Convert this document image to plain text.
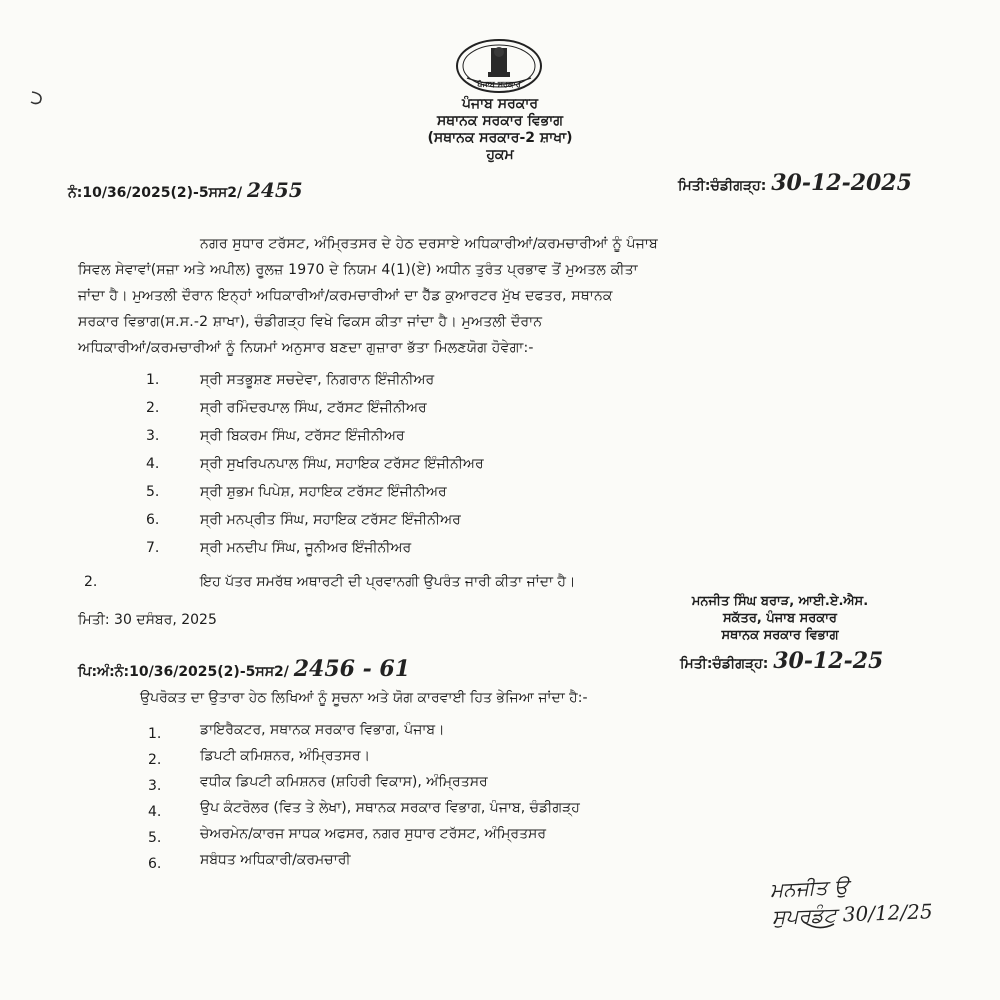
ਪੰਜਾਬ ਸਰਕਾਰ
ਪੰਜਾਬ ਸਰਕਾਰ
ਸਥਾਨਕ ਸਰਕਾਰ ਵਿਭਾਗ
(ਸਥਾਨਕ ਸਰਕਾਰ-2 ਸ਼ਾਖਾ)
ਹੁਕਮ
ਨੰ:10/36/2025(2)-5ਸਸ2/ 2455	ਮਿਤੀ:ਚੰਡੀਗੜ੍ਹ: 30-12-2025
ਨਗਰ ਸੁਧਾਰ ਟਰੱਸਟ, ਅੰਮ੍ਰਿਤਸਰ ਦੇ ਹੇਠ ਦਰਸਾਏ ਅਧਿਕਾਰੀਆਂ/ਕਰਮਚਾਰੀਆਂ ਨੂੰ ਪੰਜਾਬ
ਸਿਵਲ ਸੇਵਾਵਾਂ(ਸਜ਼ਾ ਅਤੇ ਅਪੀਲ) ਰੂਲਜ਼ 1970 ਦੇ ਨਿਯਮ 4(1)(ਏ) ਅਧੀਨ ਤੁਰੰਤ ਪ੍ਰਭਾਵ ਤੋਂ ਮੁਅਤਲ ਕੀਤਾ
ਜਾਂਦਾ ਹੈ। ਮੁਅਤਲੀ ਦੌਰਾਨ ਇਨ੍ਹਾਂ ਅਧਿਕਾਰੀਆਂ/ਕਰਮਚਾਰੀਆਂ ਦਾ ਹੈੱਡ ਕੁਆਰਟਰ ਮੁੱਖ ਦਫਤਰ, ਸਥਾਨਕ
ਸਰਕਾਰ ਵਿਭਾਗ(ਸ.ਸ.-2 ਸ਼ਾਖਾ), ਚੰਡੀਗੜ੍ਹ ਵਿਖੇ ਫਿਕਸ ਕੀਤਾ ਜਾਂਦਾ ਹੈ। ਮੁਅਤਲੀ ਦੌਰਾਨ
ਅਧਿਕਾਰੀਆਂ/ਕਰਮਚਾਰੀਆਂ ਨੂੰ ਨਿਯਮਾਂ ਅਨੁਸਾਰ ਬਣਦਾ ਗੁਜ਼ਾਰਾ ਭੱਤਾ ਮਿਲਣਯੋਗ ਹੋਵੇਗਾ:-
1.	ਸ੍ਰੀ ਸਤਭੂਸ਼ਣ ਸਚਦੇਵਾ, ਨਿਗਰਾਨ ਇੰਜੀਨੀਅਰ
2.	ਸ੍ਰੀ ਰਮਿੰਦਰਪਾਲ ਸਿੰਘ, ਟਰੱਸਟ ਇੰਜੀਨੀਅਰ
3.	ਸ੍ਰੀ ਬਿਕਰਮ ਸਿੰਘ, ਟਰੱਸਟ ਇੰਜੀਨੀਅਰ
4.	ਸ੍ਰੀ ਸੁਖਰਿਪਨਪਾਲ ਸਿੰਘ, ਸਹਾਇਕ ਟਰੱਸਟ ਇੰਜੀਨੀਅਰ
5.	ਸ੍ਰੀ ਸ਼ੁਭਮ ਪਿਪੇਸ਼, ਸਹਾਇਕ ਟਰੱਸਟ ਇੰਜੀਨੀਅਰ
6.	ਸ੍ਰੀ ਮਨਪ੍ਰੀਤ ਸਿੰਘ, ਸਹਾਇਕ ਟਰੱਸਟ ਇੰਜੀਨੀਅਰ
7.	ਸ੍ਰੀ ਮਨਦੀਪ ਸਿੰਘ, ਜੂਨੀਅਰ ਇੰਜੀਨੀਅਰ
2.	ਇਹ ਪੱਤਰ ਸਮਰੱਥ ਅਥਾਰਟੀ ਦੀ ਪ੍ਰਵਾਨਗੀ ਉਪਰੰਤ ਜਾਰੀ ਕੀਤਾ ਜਾਂਦਾ ਹੈ।
ਮਿਤੀ: 30 ਦਸੰਬਰ, 2025
ਮਨਜੀਤ ਸਿੰਘ ਬਰਾੜ, ਆਈ.ਏ.ਐਸ.
ਸਕੱਤਰ, ਪੰਜਾਬ ਸਰਕਾਰ
ਸਥਾਨਕ ਸਰਕਾਰ ਵਿਭਾਗ
ਪਿ:ਅੰ:ਨੰ:10/36/2025(2)-5ਸਸ2/ 2456 - 61	ਮਿਤੀ:ਚੰਡੀਗੜ੍ਹ: 30-12-25
ਉਪਰੋਕਤ ਦਾ ਉਤਾਰਾ ਹੇਠ ਲਿਖਿਆਂ ਨੂੰ ਸੂਚਨਾ ਅਤੇ ਯੋਗ ਕਾਰਵਾਈ ਹਿਤ ਭੇਜਿਆ ਜਾਂਦਾ ਹੈ:-
1.	ਡਾਇਰੈਕਟਰ, ਸਥਾਨਕ ਸਰਕਾਰ ਵਿਭਾਗ, ਪੰਜਾਬ।
2.	ਡਿਪਟੀ ਕਮਿਸ਼ਨਰ, ਅੰਮ੍ਰਿਤਸਰ।
3.	ਵਧੀਕ ਡਿਪਟੀ ਕਮਿਸ਼ਨਰ (ਸ਼ਹਿਰੀ ਵਿਕਾਸ), ਅੰਮ੍ਰਿਤਸਰ
4.	ਉਪ ਕੰਟਰੋਲਰ (ਵਿਤ ਤੇ ਲੇਖਾ), ਸਥਾਨਕ ਸਰਕਾਰ ਵਿਭਾਗ, ਪੰਜਾਬ, ਚੰਡੀਗੜ੍ਹ
5.	ਚੇਅਰਮੇਨ/ਕਾਰਜ ਸਾਧਕ ਅਫਸਰ, ਨਗਰ ਸੁਧਾਰ ਟਰੱਸਟ, ਅੰਮ੍ਰਿਤਸਰ
6.	ਸਬੰਧਤ ਅਧਿਕਾਰੀ/ਕਰਮਚਾਰੀ
ਮਨਜੀਤ ਉ
ਸੁਪਰਡੰਟ 30/12/25
